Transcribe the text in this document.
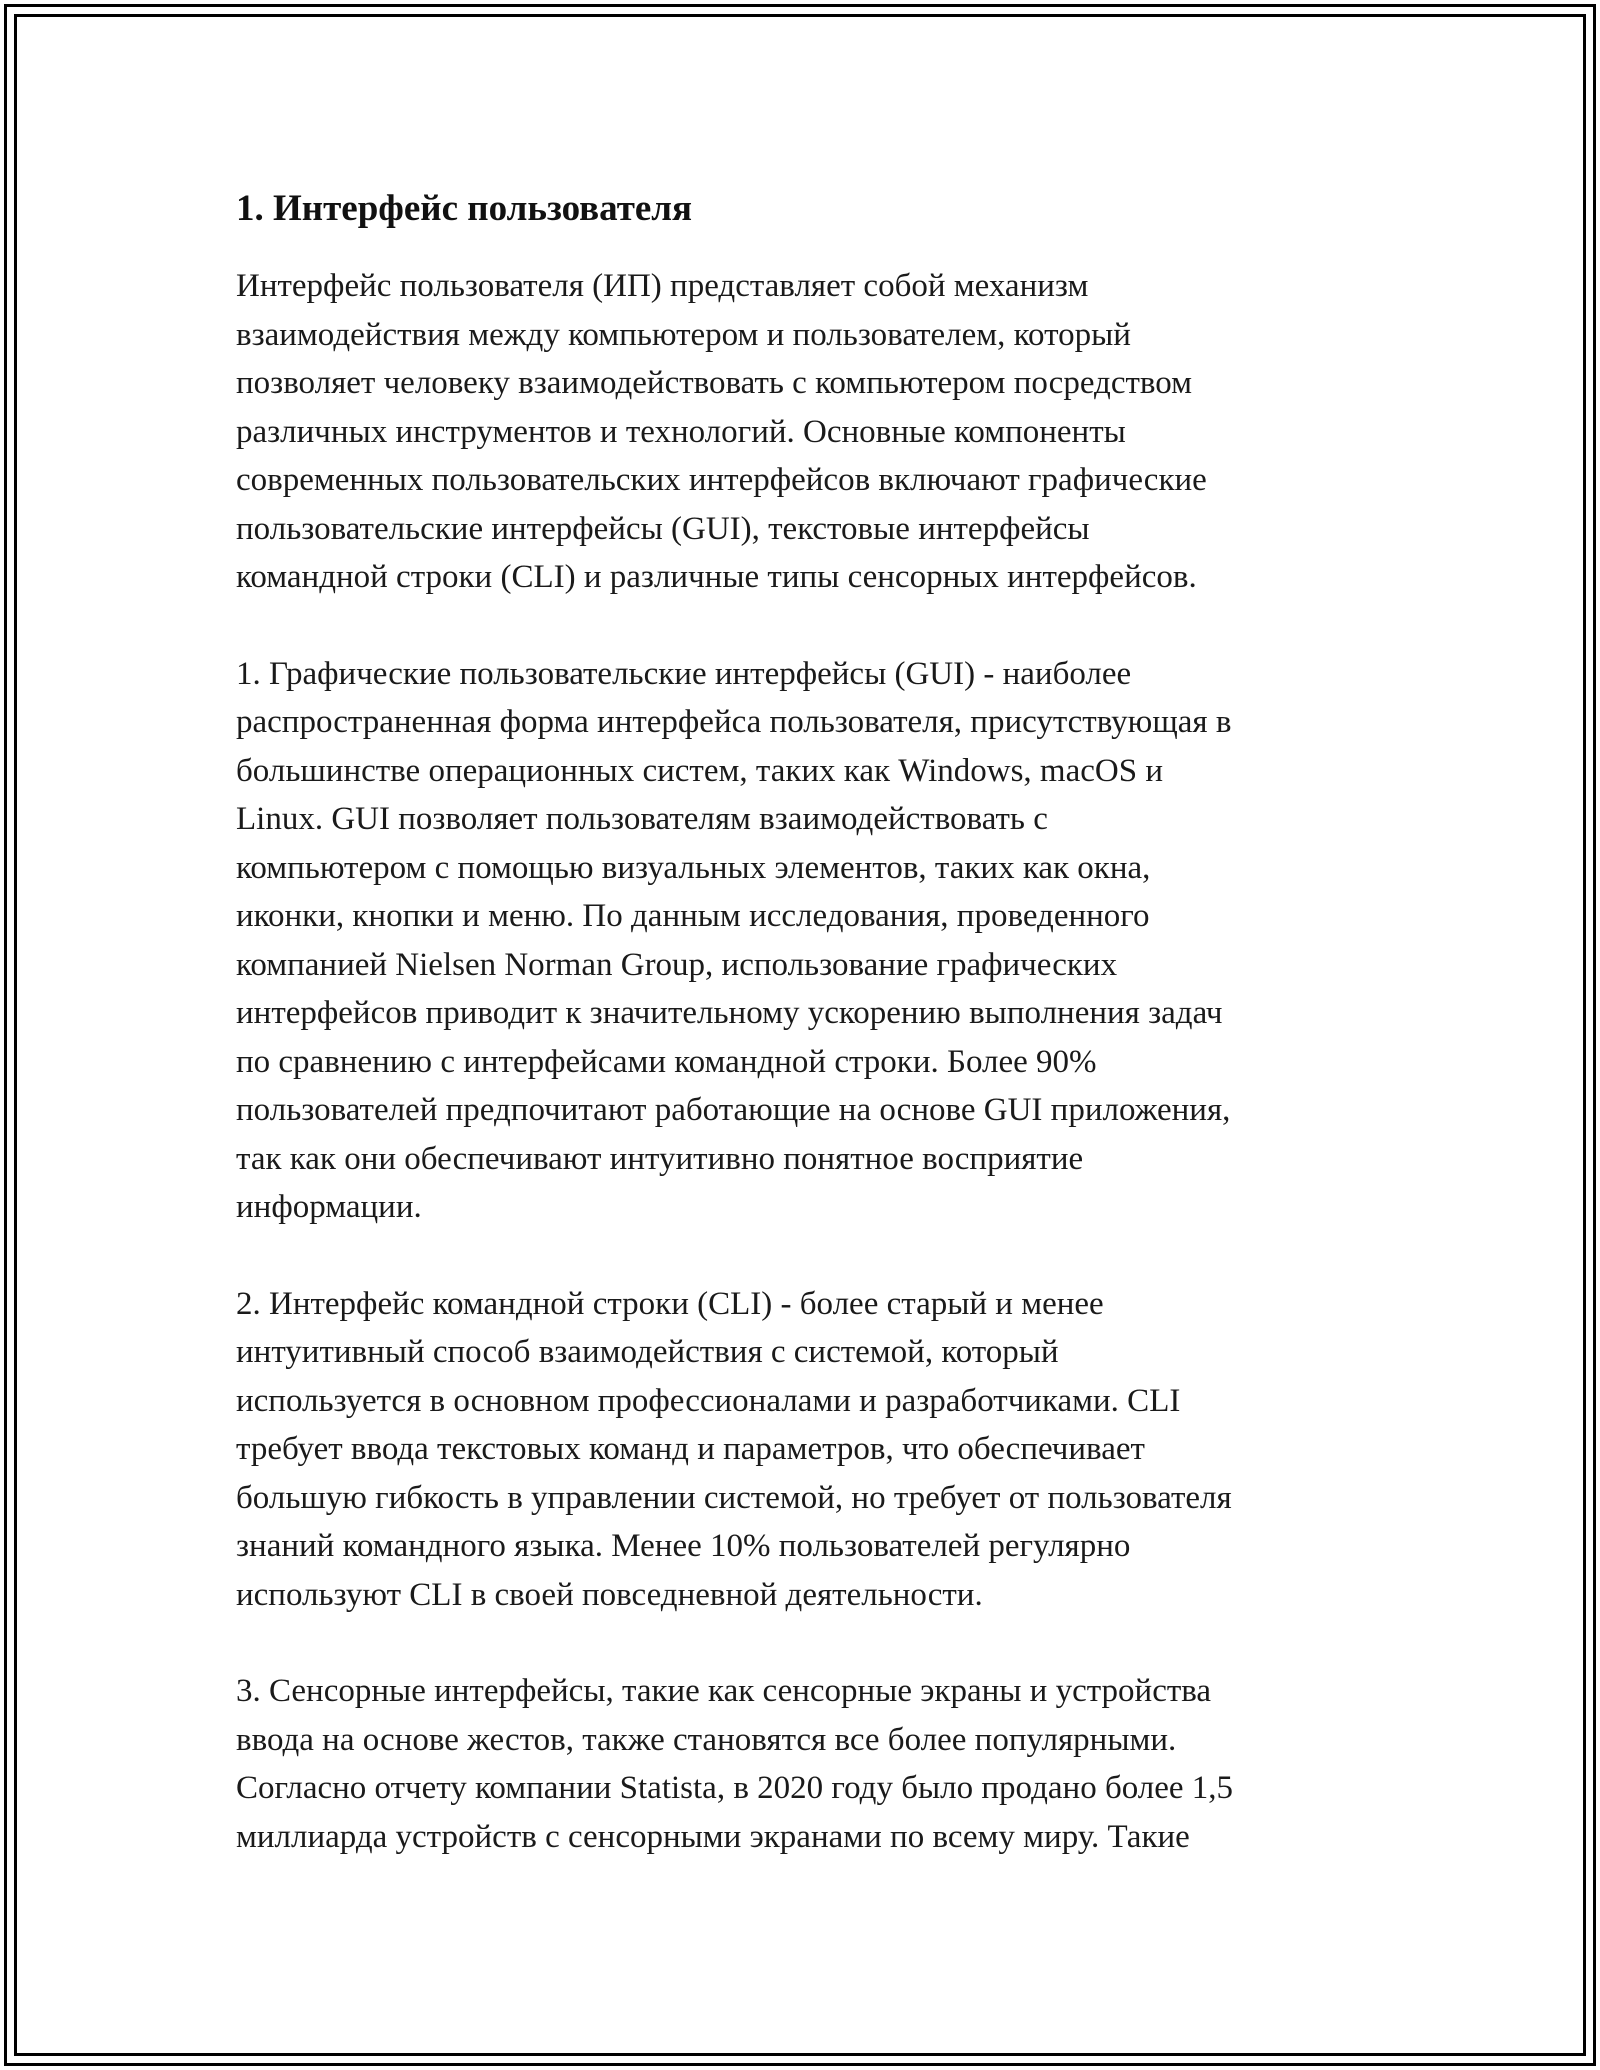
1. Интерфейс пользователя

Интерфейс пользователя (ИП) представляет собой механизм
взаимодействия между компьютером и пользователем, который
позволяет человеку взаимодействовать с компьютером посредством
различных инструментов и технологий. Основные компоненты
современных пользовательских интерфейсов включают графические
пользовательские интерфейсы (GUI), текстовые интерфейсы
командной строки (CLI) и различные типы сенсорных интерфейсов.

1. Графические пользовательские интерфейсы (GUI) - наиболее
распространенная форма интерфейса пользователя, присутствующая в
большинстве операционных систем, таких как Windows, macOS и
Linux. GUI позволяет пользователям взаимодействовать с
компьютером с помощью визуальных элементов, таких как окна,
иконки, кнопки и меню. По данным исследования, проведенного
компанией Nielsen Norman Group, использование графических
интерфейсов приводит к значительному ускорению выполнения задач
по сравнению с интерфейсами командной строки. Более 90%
пользователей предпочитают работающие на основе GUI приложения,
так как они обеспечивают интуитивно понятное восприятие
информации.

2. Интерфейс командной строки (CLI) - более старый и менее
интуитивный способ взаимодействия с системой, который
используется в основном профессионалами и разработчиками. CLI
требует ввода текстовых команд и параметров, что обеспечивает
большую гибкость в управлении системой, но требует от пользователя
знаний командного языка. Менее 10% пользователей регулярно
используют CLI в своей повседневной деятельности.

3. Сенсорные интерфейсы, такие как сенсорные экраны и устройства
ввода на основе жестов, также становятся все более популярными.
Согласно отчету компании Statista, в 2020 году было продано более 1,5
миллиарда устройств с сенсорными экранами по всему миру. Такие
